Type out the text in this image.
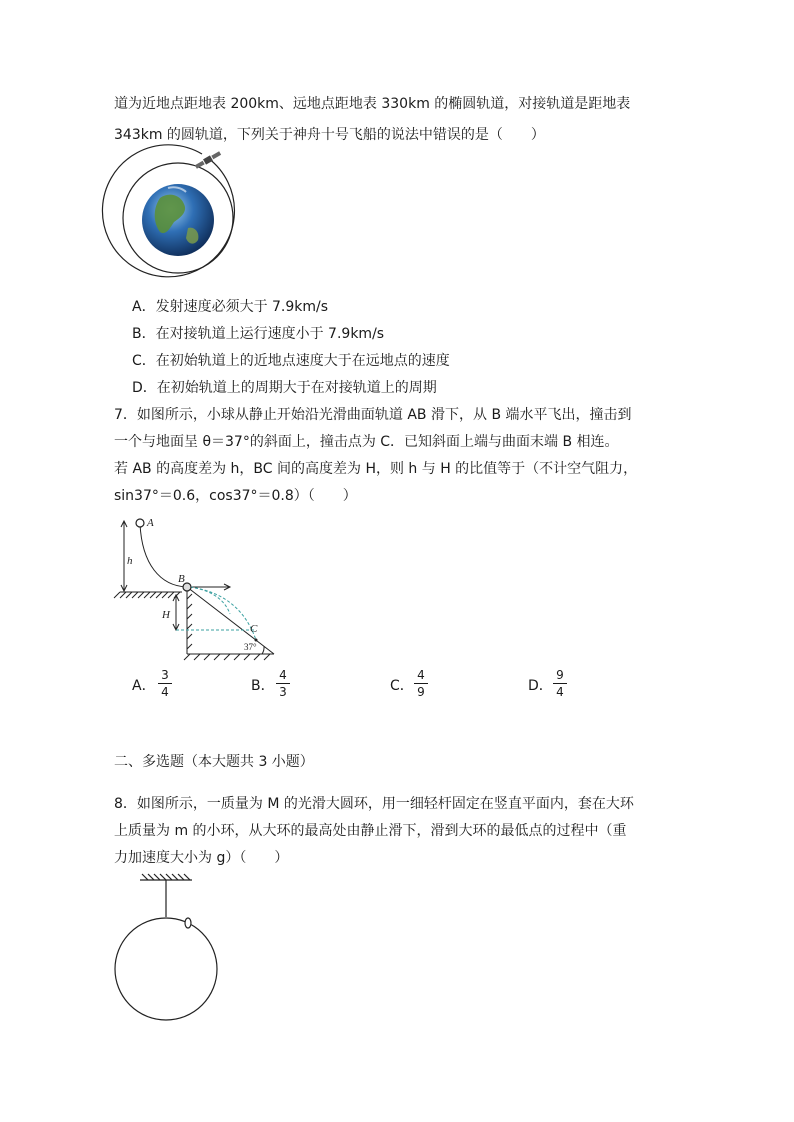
道为近地点距地表 200km、远地点距地表 330km 的椭圆轨道，对接轨道是距地表
343km 的圆轨道，下列关于神舟十号飞船的说法中错误的是（　　）
A．发射速度必须大于 7.9km/s
B．在对接轨道上运行速度小于 7.9km/s
C．在初始轨道上的近地点速度大于在远地点的速度
D．在初始轨道上的周期大于在对接轨道上的周期
7．如图所示，小球从静止开始沿光滑曲面轨道 AB 滑下，从 B 端水平飞出，撞击到
一个与地面呈 θ＝37°的斜面上，撞击点为 C．已知斜面上端与曲面末端 B 相连。
若 AB 的高度差为 h，BC 间的高度差为 H，则 h 与 H 的比值等于（不计空气阻力，
sin37°＝0.6，cos37°＝0.8）（　　）
A
h
B
H
C
37°
A．
3
4	B．
4
3	C．
4
9	D．
9
4
二、多选题（本大题共 3 小题）
8．如图所示，一质量为 M 的光滑大圆环，用一细轻杆固定在竖直平面内，套在大环
上质量为 m 的小环，从大环的最高处由静止滑下，滑到大环的最低点的过程中（重
力加速度大小为 g）（　　）
